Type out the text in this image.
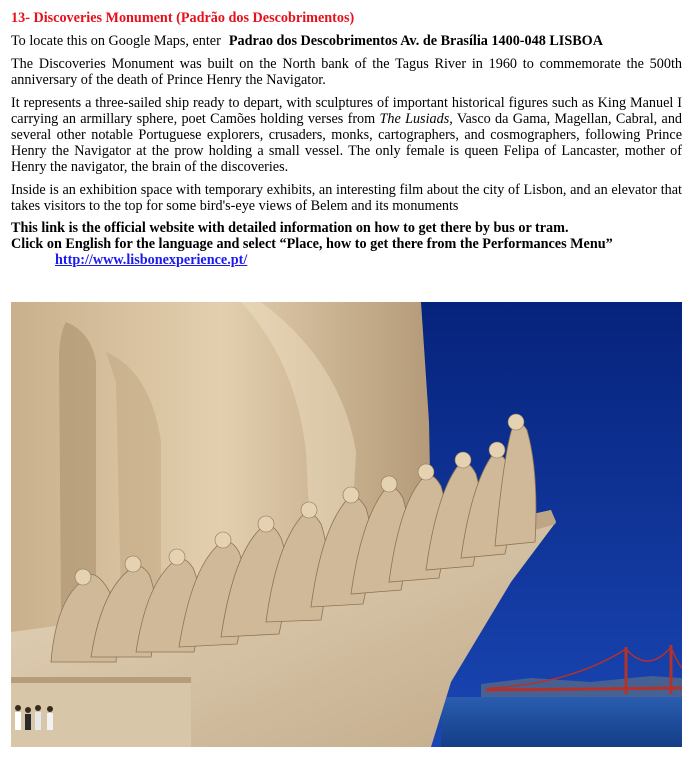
13- Discoveries Monument (Padrão dos Descobrimentos)
To locate this on Google Maps, enter Padrao dos Descobrimentos Av. de Brasília 1400-048 LISBOA
The Discoveries Monument was built on the North bank of the Tagus River in 1960 to commemorate the 500th anniversary of the death of Prince Henry the Navigator.
It represents a three-sailed ship ready to depart, with sculptures of important historical figures such as King Manuel I carrying an armillary sphere, poet Camões holding verses from The Lusiads, Vasco da Gama, Magellan, Cabral, and several other notable Portuguese explorers, crusaders, monks, cartographers, and cosmographers, following Prince Henry the Navigator at the prow holding a small vessel. The only female is queen Felipa of Lancaster, mother of Henry the navigator, the brain of the discoveries.
Inside is an exhibition space with temporary exhibits, an interesting film about the city of Lisbon, and an elevator that takes visitors to the top for some bird's-eye views of Belem and its monuments
This link is the official website with detailed information on how to get there by bus or tram.
Click on English for the language and select “Place, how to get there from the Performances Menu”
http://www.lisbonexperience.pt/
